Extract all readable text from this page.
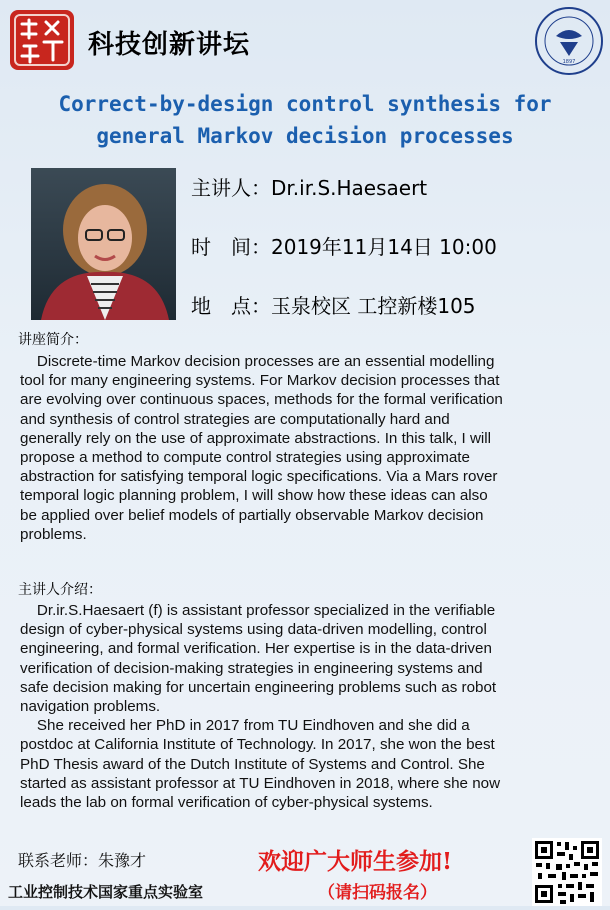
科技创新讲坛
1897
Correct-by-design control synthesis for
general Markov decision processes
主讲人：Dr.ir.S.Haesaert
时　间：2019年11月14日 10:00
地　点：玉泉校区 工控新楼105
讲座简介：
Discrete-time Markov decision processes are an essential modelling
tool for many engineering systems. For Markov decision processes that
are evolving over continuous spaces, methods for the formal verification
and synthesis of control strategies are computationally hard and
generally rely on the use of approximate abstractions. In this talk, I will
propose a method to compute control strategies using approximate
abstraction for satisfying temporal logic specifications. Via a Mars rover
temporal logic planning problem, I will show how these ideas can also
be applied over belief models of partially observable Markov decision
problems.
主讲人介绍：
Dr.ir.S.Haesaert (f) is assistant professor specialized in the verifiable
design of cyber-physical systems using data-driven modelling, control
engineering, and formal verification. Her expertise is in the data-driven
verification of decision-making strategies in engineering systems and
safe decision making for uncertain engineering problems such as robot
navigation problems.
She received her PhD in 2017 from TU Eindhoven and she did a
postdoc at California Institute of Technology. In 2017, she won the best
PhD Thesis award of the Dutch Institute of Systems and Control. She
started as assistant professor at TU Eindhoven in 2018, where she now
leads the lab on formal verification of cyber-physical systems.
联系老师：朱豫才
工业控制技术国家重点实验室
欢迎广大师生参加!
（请扫码报名）
